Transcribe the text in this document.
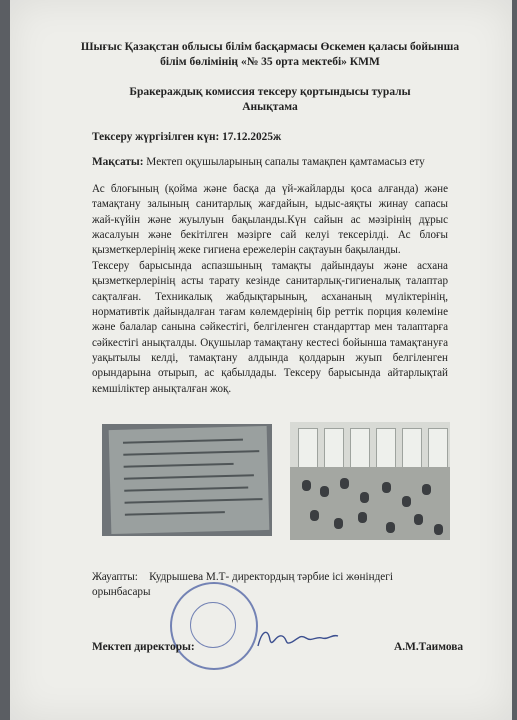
Шығыс Қазақстан облысы білім басқармасы Өскемен қаласы бойынша
білім бөлімінің «№ 35 орта мектебі» КММ
Бракераждық комиссия тексеру қортындысы туралы
Анықтама
Тексеру жүргізілген күн: 17.12.2025ж
Мақсаты: Мектеп оқушыларының сапалы тамақпен қамтамасыз ету
Ас блоғының (қойма және басқа да үй-жайларды қоса алғанда) және тамақтану залының санитарлық жағдайын, ыдыс-аяқты жинау сапасы жай-күйін және жуылуын бақыланды.Күн сайын ас мәзірінің дұрыс жасалуын және бекітілген мәзірге сай келуі тексерілді. Ас блоғы қызметкерлерінің жеке гигиена ережелерін сақтауын бақыланды.
Тексеру барысында аспазшының тамақты дайындауы және асхана қызметкерлерінің асты тарату кезінде санитарлық-гигиеналық талаптар сақталған. Техникалық жабдықтарының, асхананың мүліктерінің, нормативтік дайындалған тағам көлемдерінің бір реттік порция көлеміне және балалар санына сәйкестігі, белгіленген стандарттар мен талаптарға сәйкестігі анықталды. Оқушылар тамақтану кестесі бойынша тамақтануға уақытылы келді, тамақтану алдында қолдарын жуып белгіленген орындарына отырып, ас қабылдады. Тексеру барысында айтарлықтай кемшіліктер анықталған жоқ.
Жауапты: Кудрышева М.Т- директордың тәрбие ісі жөніндегі
орынбасары
Мектеп директоры:	А.М.Таимова
